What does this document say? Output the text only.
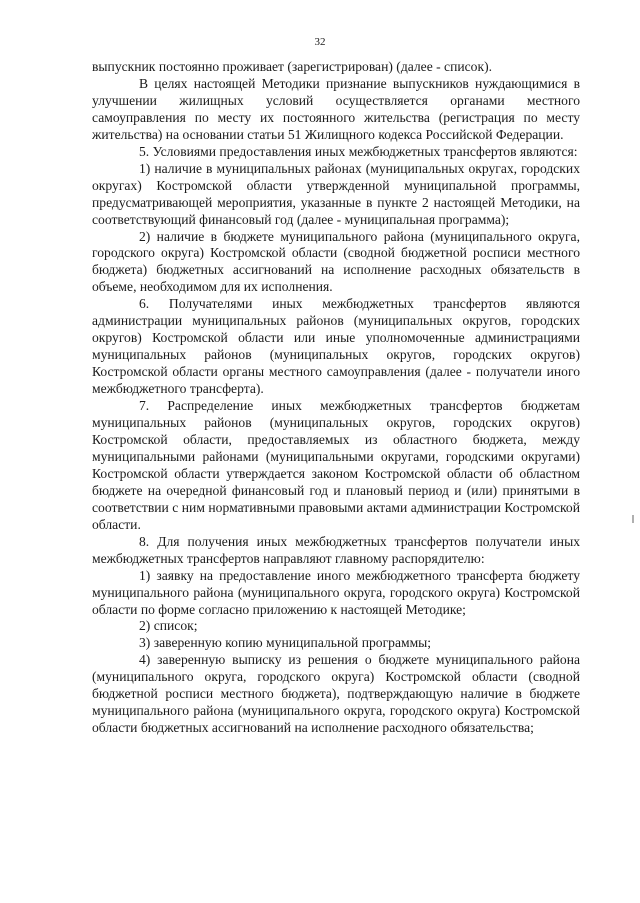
32

выпускник постоянно проживает (зарегистрирован) (далее - список).

В целях настоящей Методики признание выпускников нуждающимися в улучшении жилищных условий осуществляется органами местного самоуправления по месту их постоянного жительства (регистрация по месту жительства) на основании статьи 51 Жилищного кодекса Российской Федерации.

5. Условиями предоставления иных межбюджетных трансфертов являются:

1) наличие в муниципальных районах (муниципальных округах, городских округах) Костромской области утвержденной муниципальной программы, предусматривающей мероприятия, указанные в пункте 2 настоящей Методики, на соответствующий финансовый год (далее - муниципальная программа);

2) наличие в бюджете муниципального района (муниципального округа, городского округа) Костромской области (сводной бюджетной росписи местного бюджета) бюджетных ассигнований на исполнение расходных обязательств в объеме, необходимом для их исполнения.

6. Получателями иных межбюджетных трансфертов являются администрации муниципальных районов (муниципальных округов, городских округов) Костромской области или иные уполномоченные администрациями муниципальных районов (муниципальных округов, городских округов) Костромской области органы местного самоуправления (далее - получатели иного межбюджетного трансферта).

7. Распределение иных межбюджетных трансфертов бюджетам муниципальных районов (муниципальных округов, городских округов) Костромской области, предоставляемых из областного бюджета, между муниципальными районами (муниципальными округами, городскими округами) Костромской области утверждается законом Костромской области об областном бюджете на очередной финансовый год и плановый период и (или) принятыми в соответствии с ним нормативными правовыми актами администрации Костромской области.

8. Для получения иных межбюджетных трансфертов получатели иных межбюджетных трансфертов направляют главному распорядителю:

1) заявку на предоставление иного межбюджетного трансферта бюджету муниципального района (муниципального округа, городского округа) Костромской области по форме согласно приложению к настоящей Методике;

2) список;

3) заверенную копию муниципальной программы;

4) заверенную выписку из решения о бюджете муниципального района (муниципального округа, городского округа) Костромской области (сводной бюджетной росписи местного бюджета), подтверждающую наличие в бюджете муниципального района (муниципального округа, городского округа) Костромской области бюджетных ассигнований на исполнение расходного обязательства;
